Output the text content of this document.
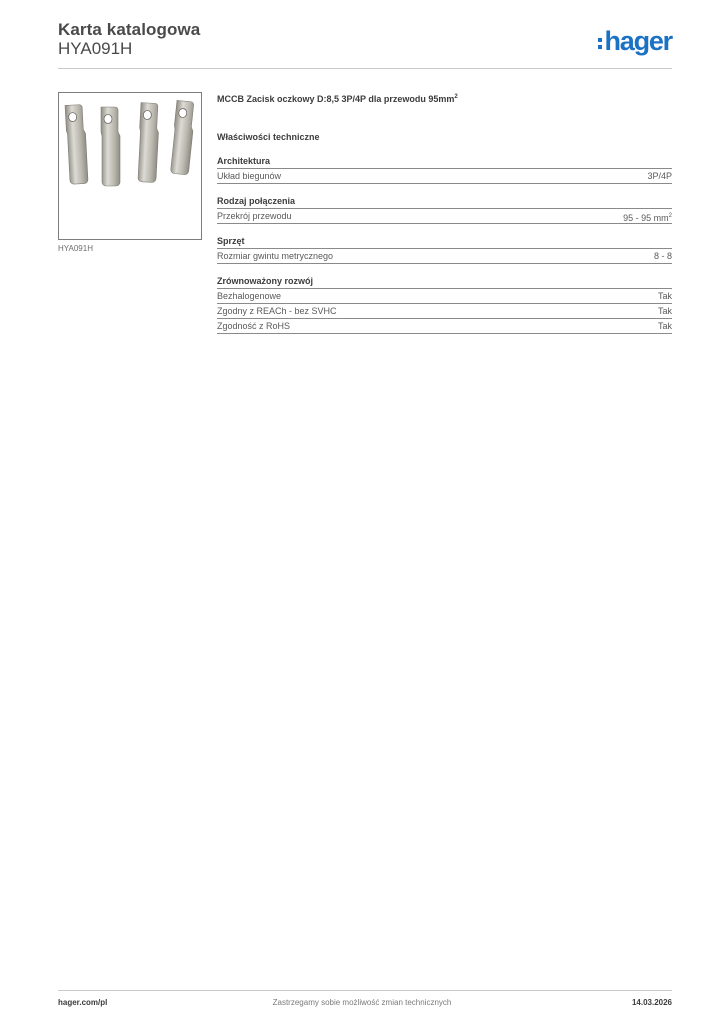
Karta katalogowa
HYA091H	hager
HYA091H
MCCB Zacisk oczkowy D:8,5 3P/4P dla przewodu $95mm^2$
Właściwości techniczne
Architektura
Układ biegunów	3P/4P
Rodzaj połączenia
Przekrój przewodu	95 - 95 $mm^2$
Sprzęt
Rozmiar gwintu metrycznego	8 - 8
Zrównoważony rozwój
Bezhalogenowe	Tak
Zgodny z REACh - bez SVHC	Tak
Zgodność z RoHS	Tak
hager.com/pl	Zastrzegamy sobie możliwość zmian technicznych	14.03.2026
